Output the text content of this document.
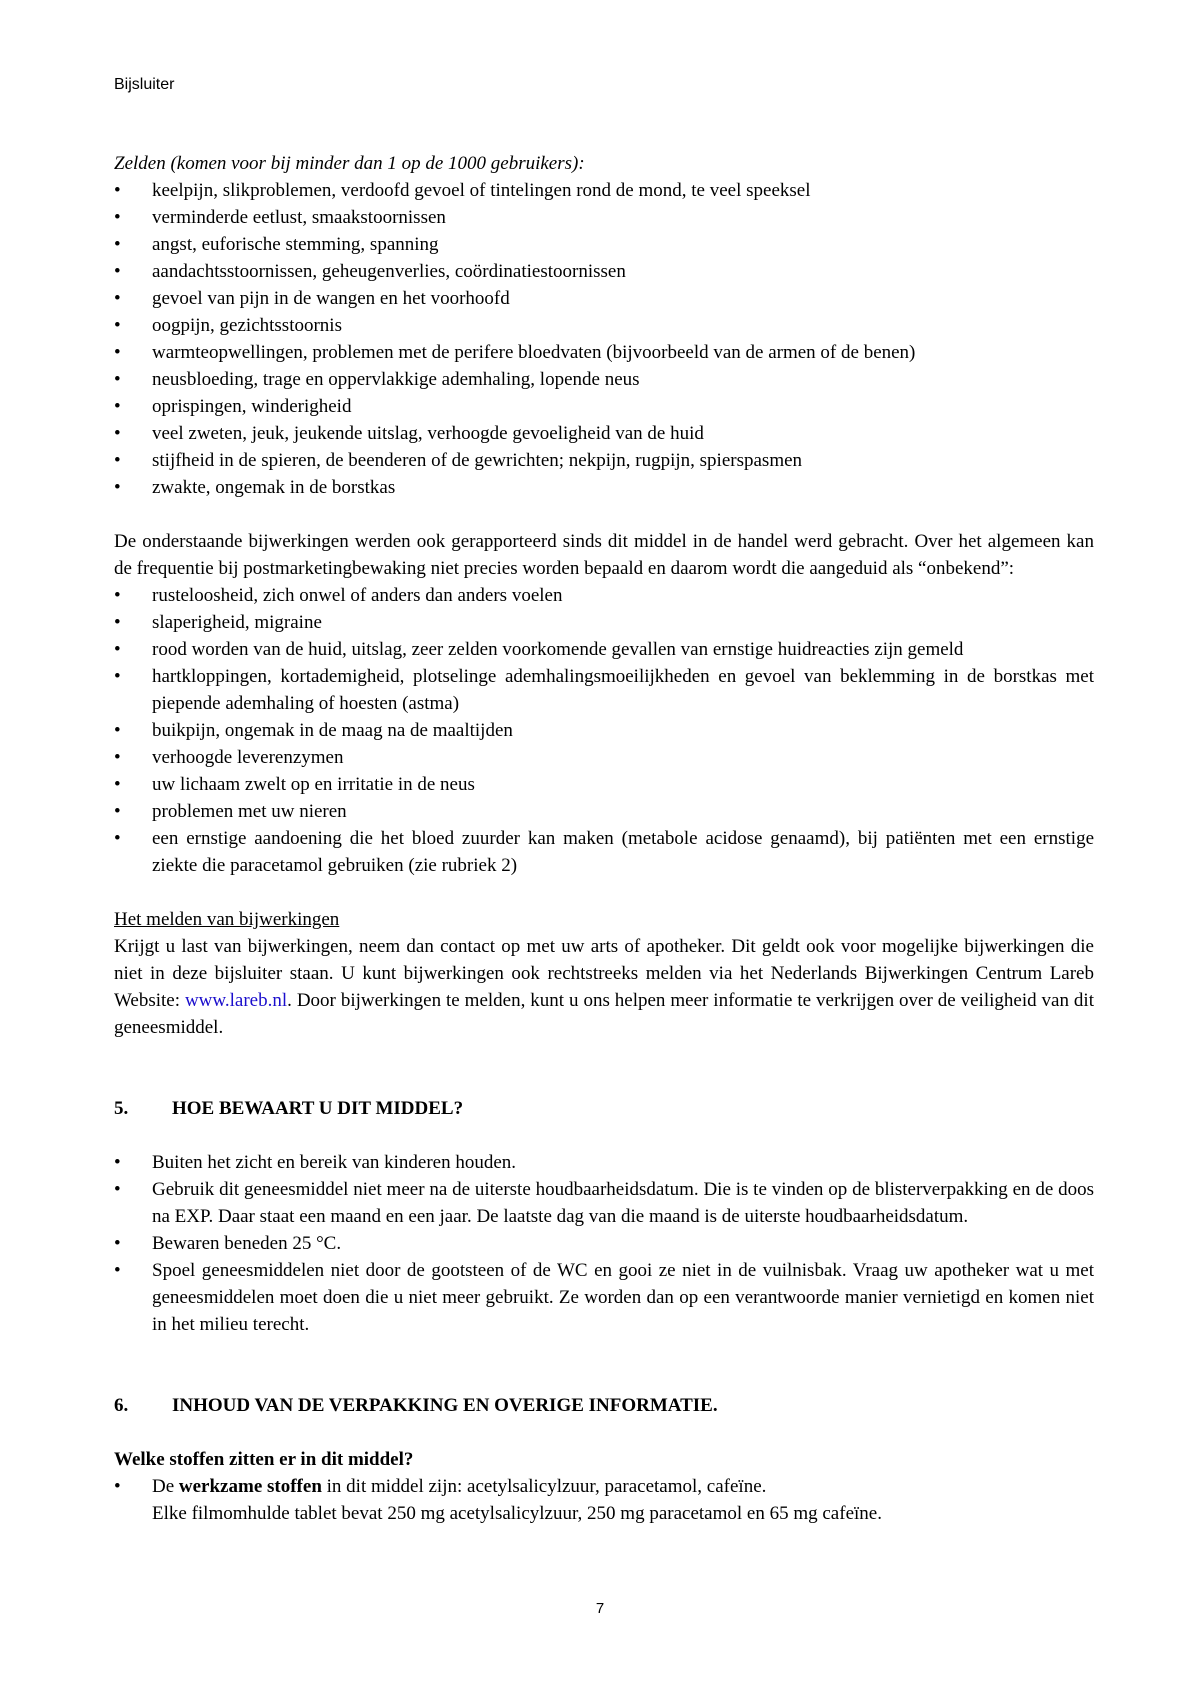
Bijsluiter

Zelden (komen voor bij minder dan 1 op de 1000 gebruikers):

• keelpijn, slikproblemen, verdoofd gevoel of tintelingen rond de mond, te veel speeksel
• verminderde eetlust, smaakstoornissen
• angst, euforische stemming, spanning
• aandachtsstoornissen, geheugenverlies, coördinatiestoornissen
• gevoel van pijn in de wangen en het voorhoofd
• oogpijn, gezichtsstoornis
• warmteopwellingen, problemen met de perifere bloedvaten (bijvoorbeeld van de armen of de benen)
• neusbloeding, trage en oppervlakkige ademhaling, lopende neus
• oprispingen, winderigheid
• veel zweten, jeuk, jeukende uitslag, verhoogde gevoeligheid van de huid
• stijfheid in de spieren, de beenderen of de gewrichten; nekpijn, rugpijn, spierspasmen
• zwakte, ongemak in de borstkas

De onderstaande bijwerkingen werden ook gerapporteerd sinds dit middel in de handel werd gebracht. Over het algemeen kan de frequentie bij postmarketingbewaking niet precies worden bepaald en daarom wordt die aangeduid als “onbekend”:

• rusteloosheid, zich onwel of anders dan anders voelen
• slaperigheid, migraine
• rood worden van de huid, uitslag, zeer zelden voorkomende gevallen van ernstige huidreacties zijn gemeld
• hartkloppingen, kortademigheid, plotselinge ademhalingsmoeilijkheden en gevoel van beklemming in de borstkas met piepende ademhaling of hoesten (astma)
• buikpijn, ongemak in de maag na de maaltijden
• verhoogde leverenzymen
• uw lichaam zwelt op en irritatie in de neus
• problemen met uw nieren
• een ernstige aandoening die het bloed zuurder kan maken (metabole acidose genaamd), bij patiënten met een ernstige ziekte die paracetamol gebruiken (zie rubriek 2)

Het melden van bijwerkingen

Krijgt u last van bijwerkingen, neem dan contact op met uw arts of apotheker. Dit geldt ook voor mogelijke bijwerkingen die niet in deze bijsluiter staan. U kunt bijwerkingen ook rechtstreeks melden via het Nederlands Bijwerkingen Centrum Lareb Website: www.lareb.nl. Door bijwerkingen te melden, kunt u ons helpen meer informatie te verkrijgen over de veiligheid van dit geneesmiddel.

5. HOE BEWAART U DIT MIDDEL?
• Buiten het zicht en bereik van kinderen houden.
• Gebruik dit geneesmiddel niet meer na de uiterste houdbaarheidsdatum. Die is te vinden op de blisterverpakking en de doos na EXP. Daar staat een maand en een jaar. De laatste dag van die maand is de uiterste houdbaarheidsdatum.
• Bewaren beneden 25 °C.
• Spoel geneesmiddelen niet door de gootsteen of de WC en gooi ze niet in de vuilnisbak. Vraag uw apotheker wat u met geneesmiddelen moet doen die u niet meer gebruikt. Ze worden dan op een verantwoorde manier vernietigd en komen niet in het milieu terecht.
6. INHOUD VAN DE VERPAKKING EN OVERIGE INFORMATIE.

Welke stoffen zitten er in dit middel?

• De werkzame stoffen in dit middel zijn: acetylsalicylzuur, paracetamol, cafeïne.
Elke filmomhulde tablet bevat 250 mg acetylsalicylzuur, 250 mg paracetamol en 65 mg cafeïne.
7
